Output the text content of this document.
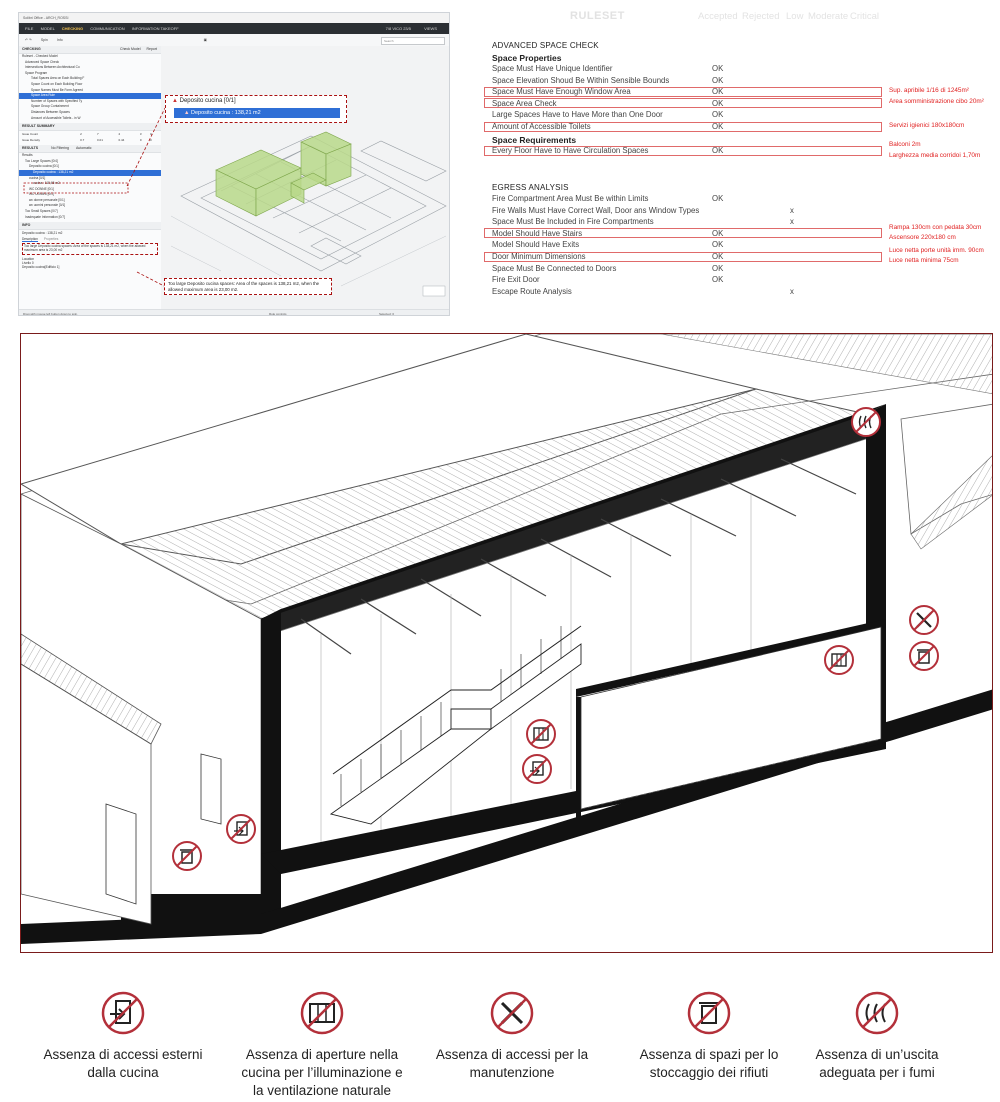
Solibri Office - ARCH_ROSSI
FILE MODEL CHECKING COMMUNICATION INFORMATION TAKEOFF	7/8 VICO 23/5	VIEWS
↶ ↷	Spin	Info	▣	Search
CHECKING	Report
Check Model
Ruleset - Checked Model
Advanced Space Check
Intersections Between Architectural Co
Space Program
Total Spaces Area on Each Building F
Space Count on Each Building Floor
Space Names Must Be Form Agreed
Space Area Rule
Number of Spaces with Specified Ty
Space Group Containment
Distances Between Spaces
Amount of Accessible Toilets - in W
RESULT SUMMARY
Issue Count	2	7	2	3	0
Issue Density	0.7	0.01	0.44	0	0
RESULTS	No Filtering Automatic
Results
Too Large Spaces [0/4]
Deposito cucina [0/1]
Deposito cucina : 138,21 m2
cucina [0/1]
cucina : 115,65 m2
WC DONNE [0/1]
WC UOMINI [0/1]
wc donne personale [0/1]
wc uomini personale [0/1]
Too Small Spaces [0/7]
Inadequate Information [0/7]
INFO
Deposito cucina : 138,21 m2
Description Properties
Too large Deposito cucina spaces: Area of the spaces is 138,21 m2, when the allowed maximum area is 23,00 m2
Location
Livello 0
Deposito cucina[Edificio 1]
Drag with mouse left button down to spin.	Rule controls	Selected: 0
▲ Deposito cucina [0/1]
▲ Deposito cucina : 138,21 m2
Too large Deposito cucina spaces: Area of the spaces is 138,21 m2, when the allowed maximum area is 23,00 m2.
RULESET	Accepted Rejected Low Moderate Critical
ADVANCED SPACE CHECK
Space Properties
Space Must Have Unique Identifier	OK
Space Elevation Shoud Be Within Sensible Bounds	OK
Space Must Have Enough Window Area	OK
Space Area Check	OK
Large Spaces Have to Have More than One Door	OK
Amount of Accessible Toilets	OK
Every Floor Have to Have Circulation Spaces	OK
Fire Compartment Area Must Be within Limits	OK
Fire Walls Must Have Correct Wall, Door ans Window Types	x
Space Must Be Included in Fire Compartments	x
Model Should Have Stairs	OK
Model Should Have Exits	OK
Door Minimum Dimensions	OK
Space Must Be Connected to Doors	OK
Fire Exit Door	OK
Escape Route Analysis	x
Space Requirements
EGRESS ANALYSIS
Sup. apribile 1/16 di 1245m²
Area somministrazione cibo 20m²
Servizi igienici 180x180cm
Balconi 2m
Larghezza media corridoi 1,70m
Rampa 130cm con pedata 30cm
Ascensore 220x180 cm
Luce netta porte unità imm. 90cm
Luce netta minima 75cm
Assenza di accessi esterni dalla cucina
Assenza di aperture nella cucina per l’illuminazione e la ventilazione naturale
Assenza di accessi per la manutenzione
Assenza di spazi per lo stoccaggio dei rifiuti
Assenza di un’uscita adeguata per i fumi
